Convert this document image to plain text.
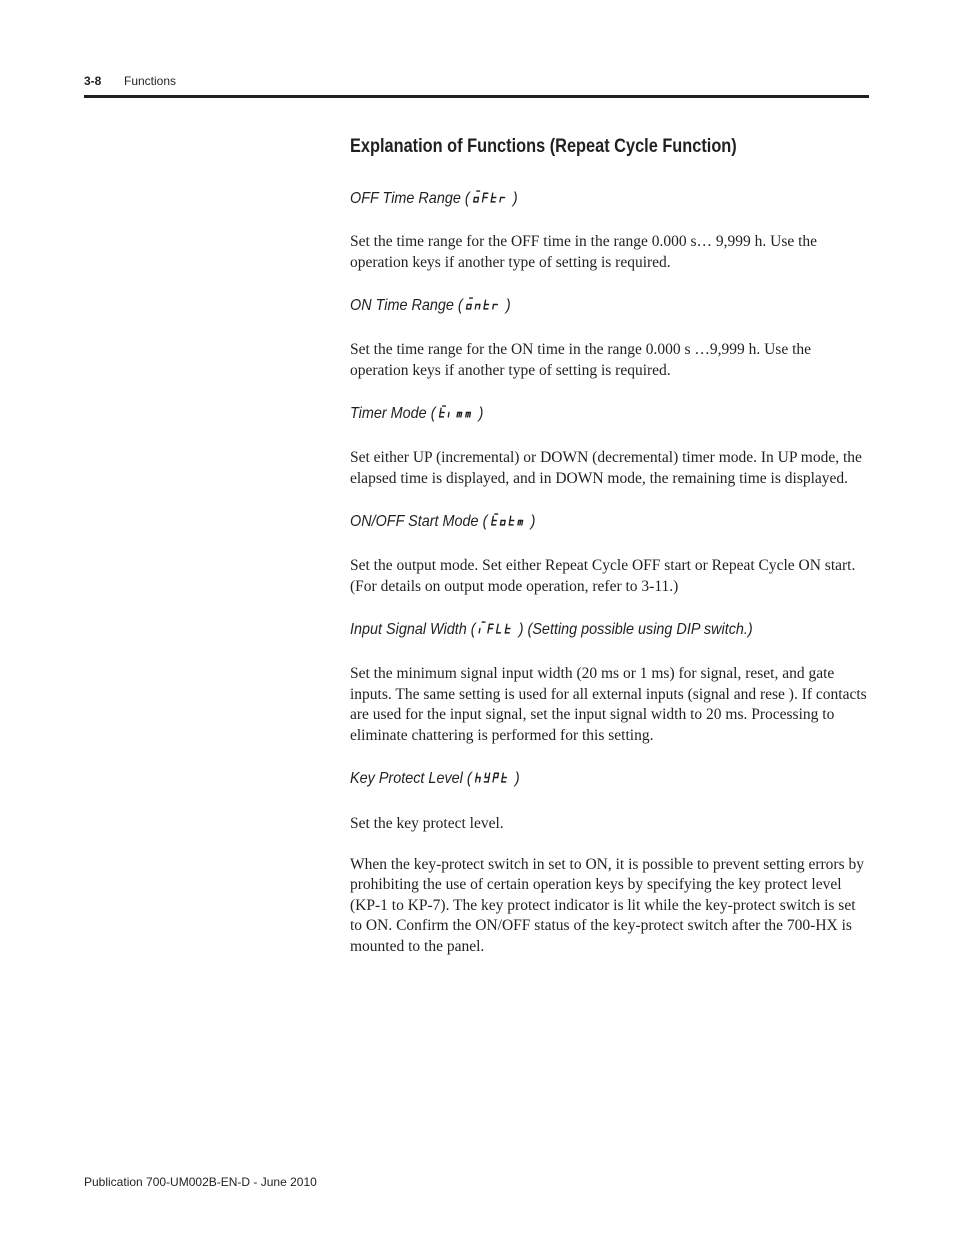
3-8 Functions
Explanation of Functions (Repeat Cycle Function)
OFF Time Range (	)

Set the time range for the OFF time in the range 0.000 s… 9,999 h. Use the operation keys if another type of setting is required.

ON Time Range (	)

Set the time range for the ON time in the range 0.000 s …9,999 h. Use the operation keys if another type of setting is required.

Timer Mode (	)

Set either UP (incremental) or DOWN (decremental) timer mode. In UP mode, the elapsed time is displayed, and in DOWN mode, the remaining time is displayed.

ON/OFF Start Mode (	)

Set the output mode. Set either Repeat Cycle OFF start or Repeat Cycle ON start. (For details on output mode operation, refer to 3-11.)

Input Signal Width (	) (Setting possible using DIP switch.)

Set the minimum signal input width (20 ms or 1 ms) for signal, reset, and gate inputs. The same setting is used for all external inputs (signal and rese ). If contacts are used for the input signal, set the input signal width to 20 ms. Processing to eliminate chattering is performed for this setting.

Key Protect Level (	)

Set the key protect level.

When the key-protect switch in set to ON, it is possible to prevent setting errors by prohibiting the use of certain operation keys by specifying the key protect level (KP-1 to KP-7). The key protect indicator is lit while the key-protect switch is set to ON. Confirm the ON/OFF status of the key-protect switch after the 700-HX is mounted to the panel.

Publication 700-UM002B-EN-D - June 2010
